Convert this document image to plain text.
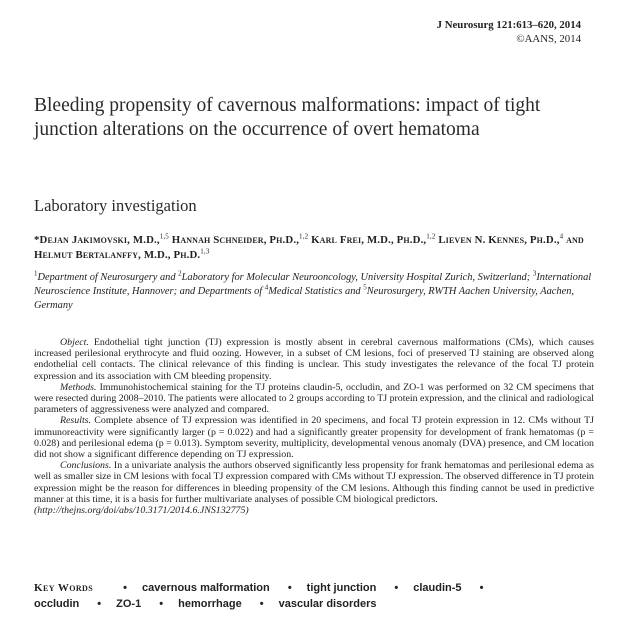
J Neurosurg 121:613–620, 2014
©AANS, 2014
Bleeding propensity of cavernous malformations: impact of tight junction alterations on the occurrence of overt hematoma
Laboratory investigation
*Dejan Jakimovski, M.D.,$^{1,5}$ Hannah Schneider, Ph.D.,$^{1,2}$ Karl Frei, M.D., Ph.D.,$^{1,2}$ Lieven N. Kennes, Ph.D.,$^4$ and Helmut Bertalanffy, M.D., Ph.D.$^{1,3}$
$^1$Department of Neurosurgery and $^2$Laboratory for Molecular Neurooncology, University Hospital Zurich, Switzerland; $^3$International Neuroscience Institute, Hannover; and Departments of $^4$Medical Statistics and $^5$Neurosurgery, RWTH Aachen University, Aachen, Germany

Object. Endothelial tight junction (TJ) expression is mostly absent in cerebral cavernous malformations (CMs), which causes increased perilesional erythrocyte and fluid oozing. However, in a subset of CM lesions, foci of preserved TJ staining are observed along endothelial cell contacts. The clinical relevance of this finding is unclear. This study investigates the relevance of the focal TJ protein expression and its association with CM bleeding propensity.

Methods. Immunohistochemical staining for the TJ proteins claudin-5, occludin, and ZO-1 was performed on 32 CM specimens that were resected during 2008–2010. The patients were allocated to 2 groups according to TJ protein expression, and the clinical and radiological parameters of aggressiveness were analyzed and compared.

Results. Complete absence of TJ expression was identified in 20 specimens, and focal TJ protein expression in 12. CMs without TJ immunoreactivity were significantly larger (p = 0.022) and had a significantly greater propensity for development of frank hematomas (p = 0.028) and perilesional edema (p = 0.013). Symptom severity, multiplicity, developmental venous anomaly (DVA) presence, and CM location did not show a significant difference depending on TJ expression.

Conclusions. In a univariate analysis the authors observed significantly less propensity for frank hematomas and perilesional edema as well as smaller size in CM lesions with focal TJ expression compared with CMs without TJ expression. The observed difference in TJ protein expression might be the reason for differences in bleeding propensity of the CM lesions. Although this finding cannot be used in predictive manner at this time, it is a basis for further multivariate analyses of possible CM biological predictors.

(http://thejns.org/doi/abs/10.3171/2014.6.JNS132775)

Key Words	• cavernous malformation • tight junction • claudin-5 •
occludin • ZO-1 • hemorrhage • vascular disorders
